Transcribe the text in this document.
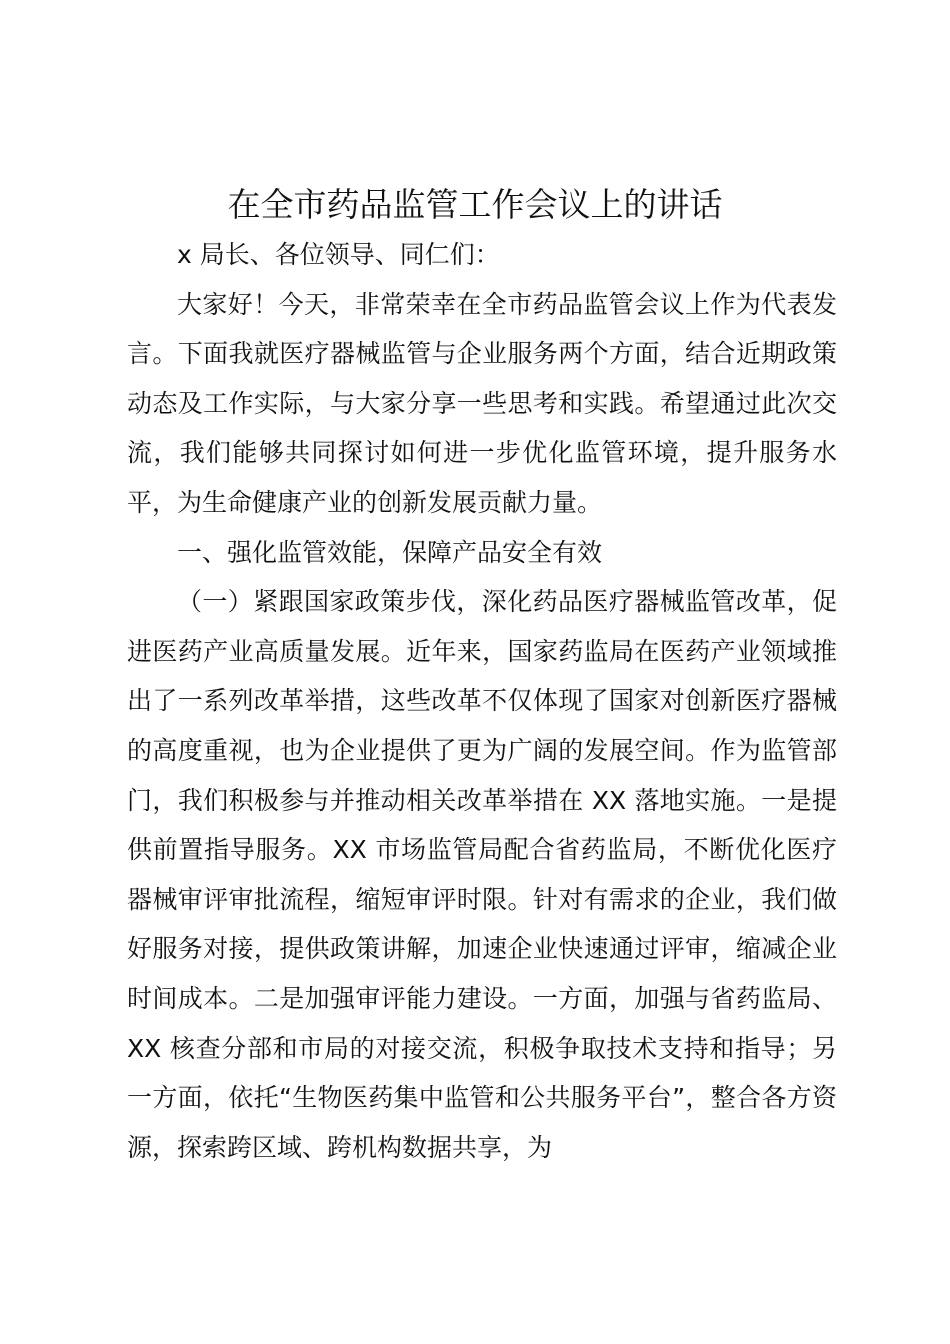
在全市药品监管工作会议上的讲话

x 局长、各位领导、同仁们：

大家好！今天，非常荣幸在全市药品监管会议上作为代表发言。下面我就医疗器械监管与企业服务两个方面，结合近期政策动态及工作实际，与大家分享一些思考和实践。希望通过此次交流，我们能够共同探讨如何进一步优化监管环境，提升服务水平，为生命健康产业的创新发展贡献力量。

一、强化监管效能，保障产品安全有效

（一）紧跟国家政策步伐，深化药品医疗器械监管改革，促进医药产业高质量发展。近年来，国家药监局在医药产业领域推出了一系列改革举措，这些改革不仅体现了国家对创新医疗器械的高度重视，也为企业提供了更为广阔的发展空间。作为监管部门，我们积极参与并推动相关改革举措在 XX 落地实施。一是提供前置指导服务。XX 市场监管局配合省药监局，不断优化医疗器械审评审批流程，缩短审评时限。针对有需求的企业，我们做好服务对接，提供政策讲解，加速企业快速通过评审，缩减企业时间成本。二是加强审评能力建设。一方面，加强与省药监局、XX 核查分部和市局的对接交流，积极争取技术支持和指导；另一方面，依托“生物医药集中监管和公共服务平台”，整合各方资源，探索跨区域、跨机构数据共享，为
